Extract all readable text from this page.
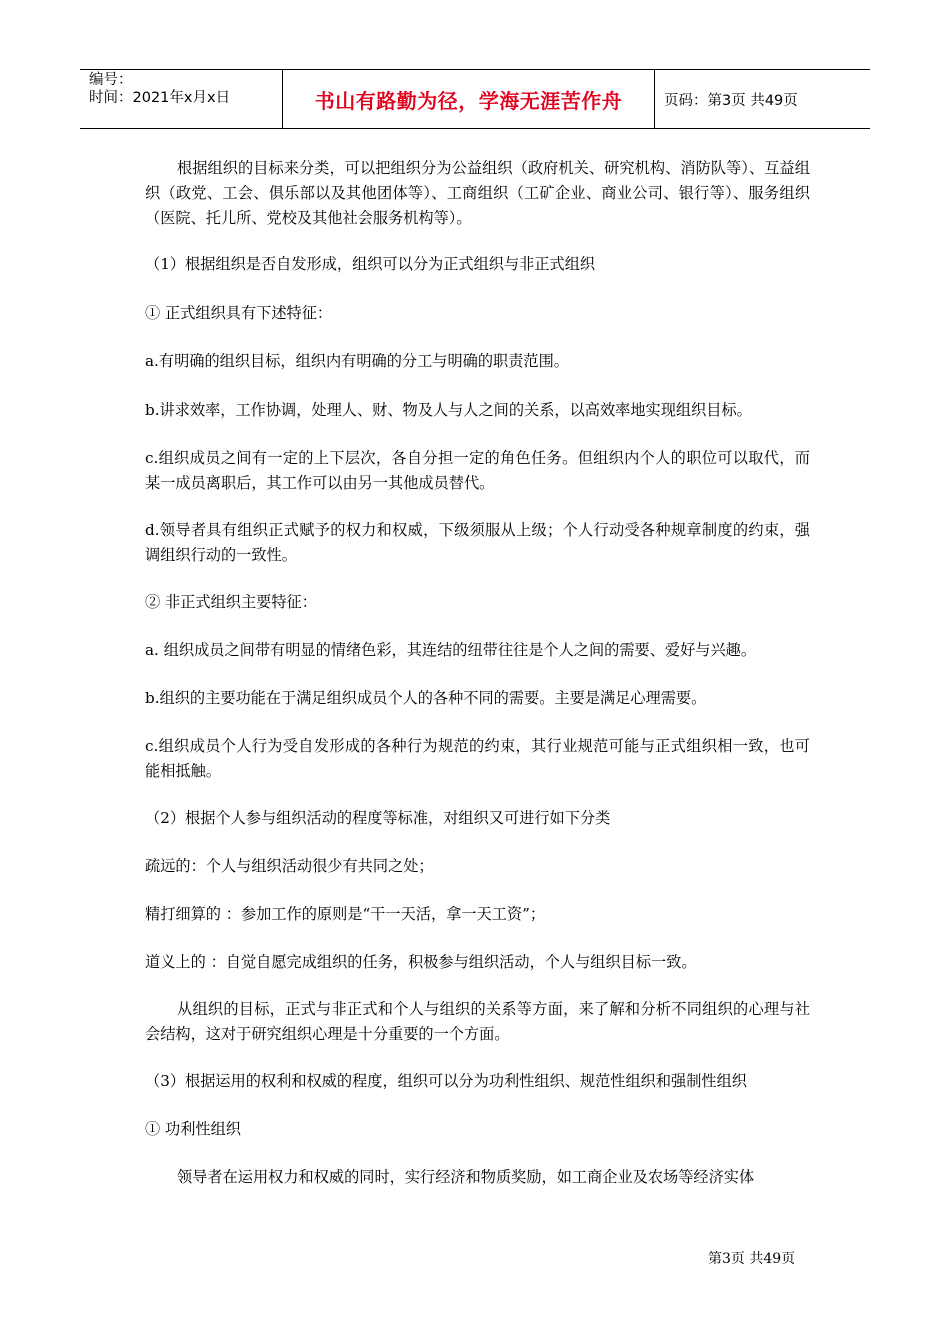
编号：
时间：2021年x月x日	书山有路勤为径，学海无涯苦作舟	页码：第3页 共49页

根据组织的目标来分类，可以把组织分为公益组织（政府机关、研究机构、消防队等）、互益组织（政党、工会、俱乐部以及其他团体等）、工商组织（工矿企业、商业公司、银行等）、服务组织（医院、托儿所、党校及其他社会服务机构等）。

（1）根据组织是否自发形成，组织可以分为正式组织与非正式组织

① 正式组织具有下述特征：

a.有明确的组织目标，组织内有明确的分工与明确的职责范围。

b.讲求效率，工作协调，处理人、财、物及人与人之间的关系，以高效率地实现组织目标。

c.组织成员之间有一定的上下层次，各自分担一定的角色任务。但组织内个人的职位可以取代，而某一成员离职后，其工作可以由另一其他成员替代。

d.领导者具有组织正式赋予的权力和权威，下级须服从上级；个人行动受各种规章制度的约束，强调组织行动的一致性。

② 非正式组织主要特征：

a. 组织成员之间带有明显的情绪色彩，其连结的纽带往往是个人之间的需要、爱好与兴趣。

b.组织的主要功能在于满足组织成员个人的各种不同的需要。主要是满足心理需要。

c.组织成员个人行为受自发形成的各种行为规范的约束，其行业规范可能与正式组织相一致，也可能相抵触。

（2）根据个人参与组织活动的程度等标准，对组织又可进行如下分类

疏远的：个人与组织活动很少有共同之处；

精打细算的 ：参加工作的原则是“干一天活，拿一天工资”；

道义上的 ：自觉自愿完成组织的任务，积极参与组织活动，个人与组织目标一致。

从组织的目标，正式与非正式和个人与组织的关系等方面，来了解和分析不同组织的心理与社会结构，这对于研究组织心理是十分重要的一个方面。

（3）根据运用的权利和权威的程度，组织可以分为功利性组织、规范性组织和强制性组织

① 功利性组织

领导者在运用权力和权威的同时，实行经济和物质奖励，如工商企业及农场等经济实体

第3页 共49页
